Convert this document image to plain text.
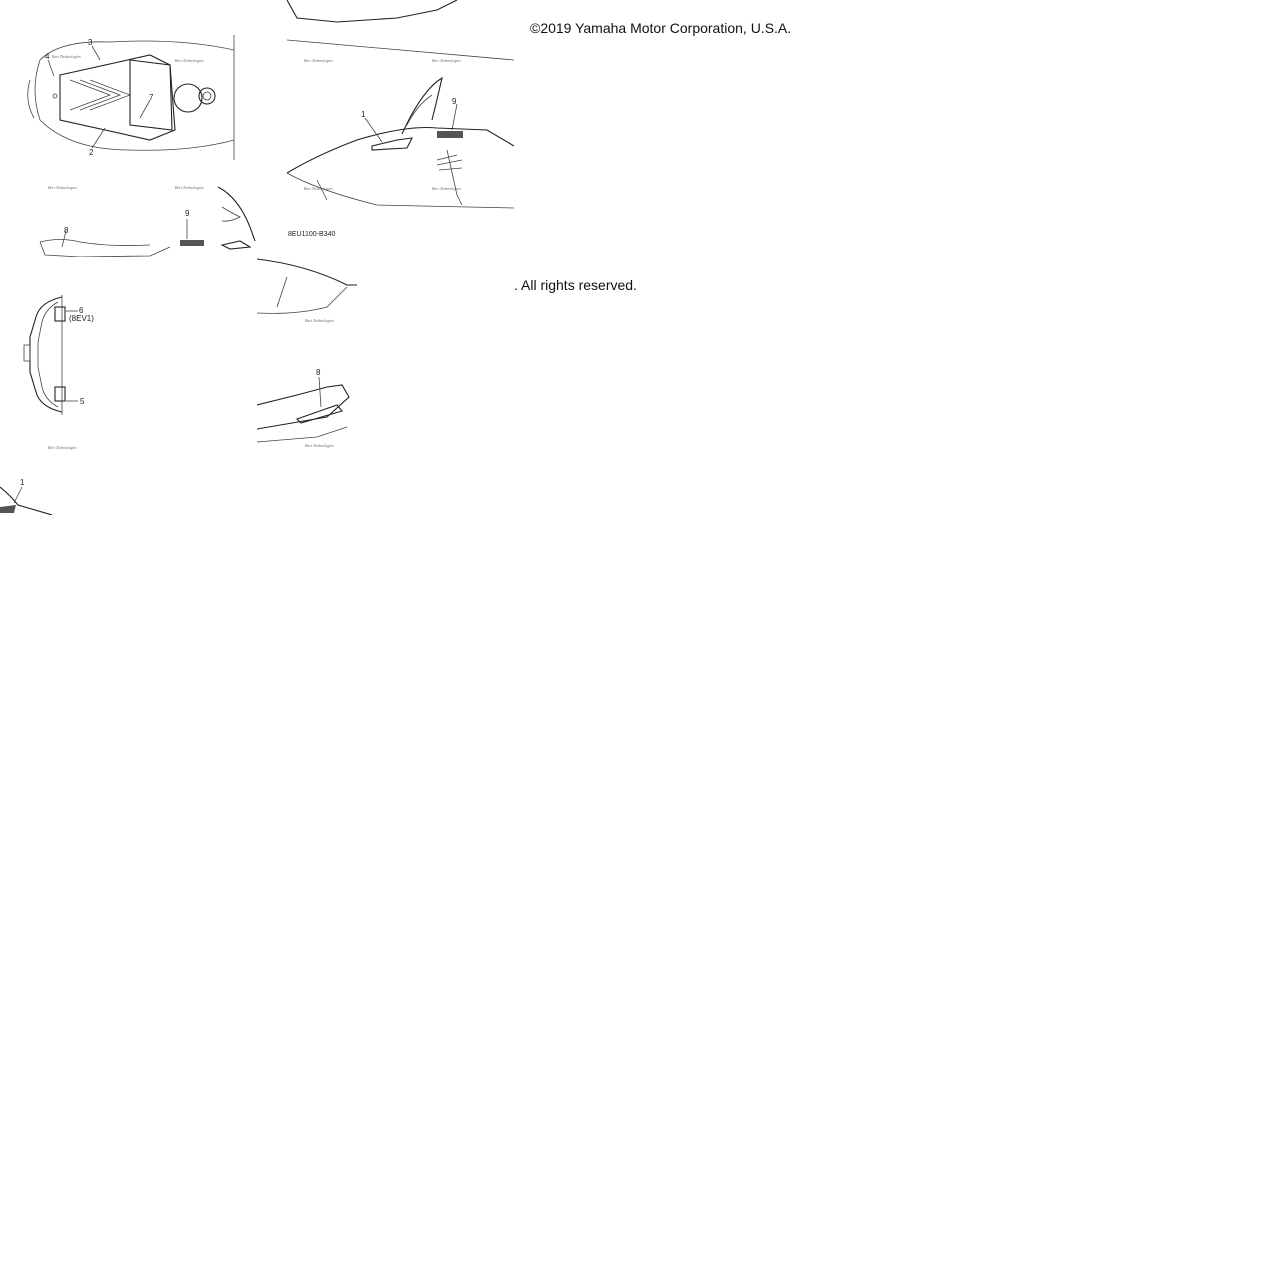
3
4
7
2
Bert Technologies
Bert Technologies
Bert Technologies	Bert Technologies
8
9
1
9
Bert Technologies	Bert Technologies
Bert Technologies	Bert Technologies
8EU1100-B340
6
(8EV1)
5
Bert Technologies
Bert Technologies
8
Bert Technologies
1
©2019 Yamaha Motor Corporation, U.S.A.
. All rights reserved.
